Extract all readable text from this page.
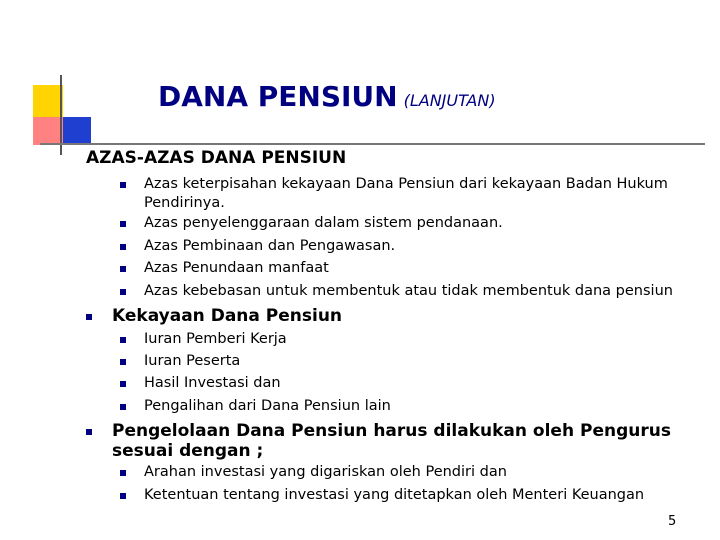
DANA PENSIUN (LANJUTAN)
AZAS-AZAS DANA PENSIUN
Azas keterpisahan kekayaan Dana Pensiun dari kekayaan Badan Hukum Pendirinya.
Azas penyelenggaraan dalam sistem pendanaan.
Azas Pembinaan dan Pengawasan.
Azas Penundaan manfaat
Azas kebebasan untuk membentuk atau tidak membentuk dana pensiun
Kekayaan Dana Pensiun
Iuran Pemberi Kerja
Iuran Peserta
Hasil Investasi dan
Pengalihan dari Dana Pensiun lain
Pengelolaan Dana Pensiun harus dilakukan oleh Pengurus sesuai dengan ;
Arahan investasi yang digariskan oleh Pendiri dan
Ketentuan tentang investasi yang ditetapkan oleh Menteri Keuangan
5
